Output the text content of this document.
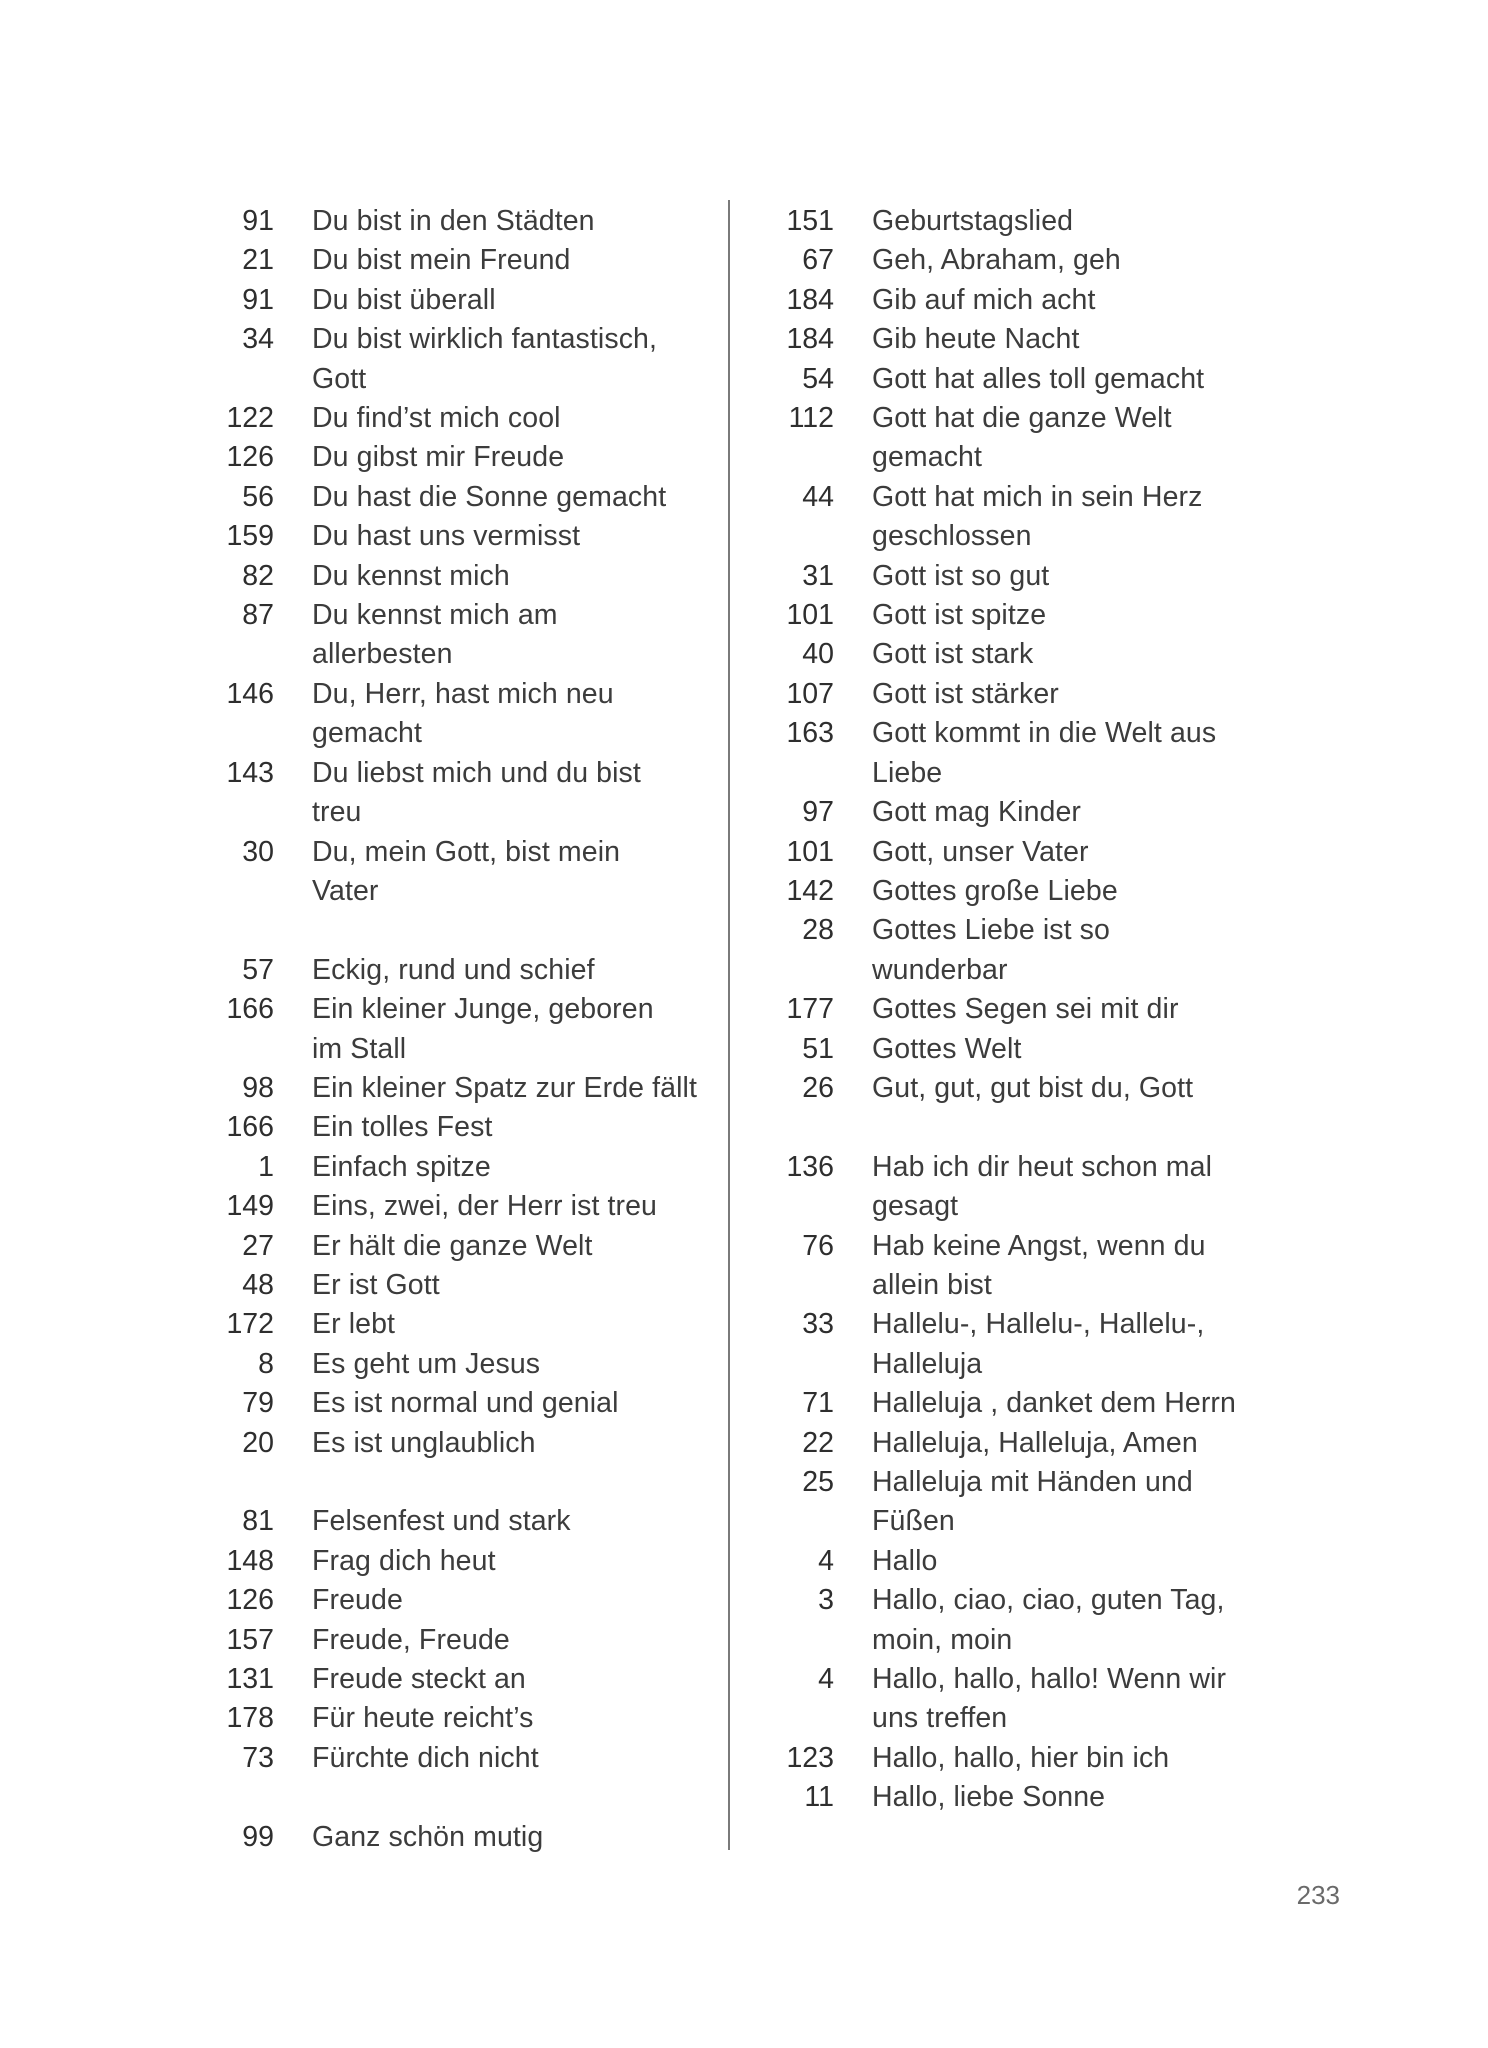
91 Du bist in den Städten
21 Du bist mein Freund
91 Du bist überall
34 Du bist wirklich fantastisch,
Gott
122 Du find’st mich cool
126 Du gibst mir Freude
56 Du hast die Sonne gemacht
159 Du hast uns vermisst
82 Du kennst mich
87 Du kennst mich am
allerbesten
146 Du, Herr, hast mich neu
gemacht
143 Du liebst mich und du bist
treu
30 Du, mein Gott, bist mein
Vater
57 Eckig, rund und schief
166 Ein kleiner Junge, geboren
im Stall
98 Ein kleiner Spatz zur Erde fällt
166 Ein tolles Fest
1 Einfach spitze
149 Eins, zwei, der Herr ist treu
27 Er hält die ganze Welt
48 Er ist Gott
172 Er lebt
8 Es geht um Jesus
79 Es ist normal und genial
20 Es ist unglaublich
81 Felsenfest und stark
148 Frag dich heut
126 Freude
157 Freude, Freude
131 Freude steckt an
178 Für heute reicht’s
73 Fürchte dich nicht
99 Ganz schön mutig
151 Geburtstagslied
67 Geh, Abraham, geh
184 Gib auf mich acht
184 Gib heute Nacht
54 Gott hat alles toll gemacht
112 Gott hat die ganze Welt
gemacht
44 Gott hat mich in sein Herz
geschlossen
31 Gott ist so gut
101 Gott ist spitze
40 Gott ist stark
107 Gott ist stärker
163 Gott kommt in die Welt aus
Liebe
97 Gott mag Kinder
101 Gott, unser Vater
142 Gottes große Liebe
28 Gottes Liebe ist so
wunderbar
177 Gottes Segen sei mit dir
51 Gottes Welt
26 Gut, gut, gut bist du, Gott
136 Hab ich dir heut schon mal
gesagt
76 Hab keine Angst, wenn du
allein bist
33 Hallelu-, Hallelu-, Hallelu-,
Halleluja
71 Halleluja , danket dem Herrn
22 Halleluja, Halleluja, Amen
25 Halleluja mit Händen und
Füßen
4 Hallo
3 Hallo, ciao, ciao, guten Tag,
moin, moin
4 Hallo, hallo, hallo! Wenn wir
uns treffen
123 Hallo, hallo, hier bin ich
11 Hallo, liebe Sonne
233
